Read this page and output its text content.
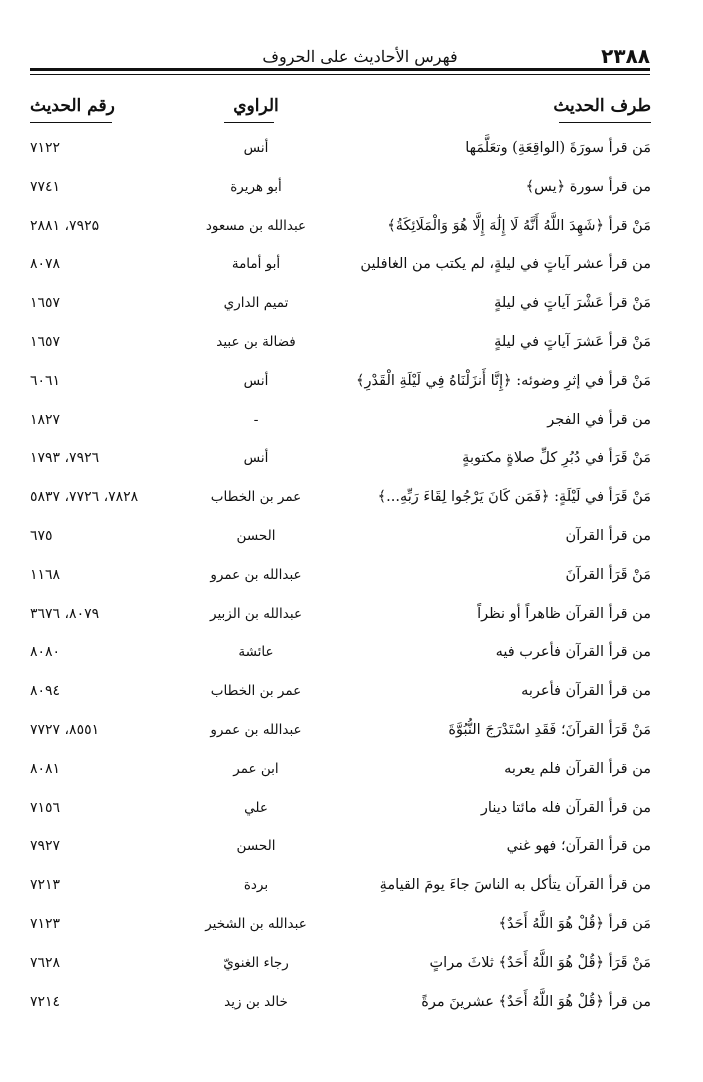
۲۳۸۸
فهرس الأحاديث على الحروف
طرف الحديث
الراوي
رقم الحديث
مَن قرأ سورَةَ (الواقِعَةِ) وتعَلَّمَها
أنس
۷۱۲۲
من قرأ سورة ﴿يس﴾
أبو هريرة
۷۷٤۱
مَنْ قرأ ﴿شَهِدَ اللَّهُ أَنَّهُ لَا إِلَٰهَ إِلَّا هُوَ وَالْمَلَائِكَةُ﴾
عبدالله بن مسعود
۷۹۲۵، ۲۸۸۱
من قرأ عشر آياتٍ في ليلةٍ، لم يكتب من الغافلين
أبو أمامة
۸۰۷۸
مَنْ قرأ عَشْرَ آياتٍ في ليلةٍ
تميم الداري
۱٦٥۷
مَنْ قرأ عَشرَ آياتٍ في ليلةٍ
فضالة بن عبيد
۱٦٥۷
مَنْ قرأ في إثرِ وضوئه: ﴿إِنَّا أَنزَلْنَاهُ فِي لَيْلَةِ الْقَدْرِ﴾
أنس
٦۰٦۱
من قرأ في الفجر
-
۱۸۲۷
مَنْ قَرَأ في دُبُرِ كلِّ صلاةٍ مكتوبةٍ
أنس
۷۹۲٦، ۱۷۹۳
مَنْ قَرَأ في لَيْلَةٍ: ﴿فَمَن كَانَ يَرْجُوا لِقَاءَ رَبِّهِ...﴾
عمر بن الخطاب
۷۸۲۸، ۷۷۲٦، ٥۸۳۷
من قرأ القرآن
الحسن
٦۷٥
مَنْ قَرَأ القرآنَ
عبدالله بن عمرو
۱۱٦۸
من قرأ القرآن ظاهراً أو نظراً
عبدالله بن الزبير
۸۰۷۹، ۳٦۷٦
من قرأ القرآن فأعرب فيه
عائشة
۸۰۸۰
من قرأ القرآن فأعربه
عمر بن الخطاب
۸۰۹٤
مَنْ قَرَأ القرآنَ؛ فَقَدِ اسْتَدْرَجَ النُّبُوَّةَ
عبدالله بن عمرو
۸٥٥۱، ۷۷۲۷
من قرأ القرآن فلم يعربه
ابن عمر
۸۰۸۱
من قرأ القرآن فله مائتا دينار
علي
۷۱٥٦
من قرأ القرآن؛ فهو غني
الحسن
۷۹۲۷
من قرأ القرآن يتأكل به الناسَ جاءَ يومَ القيامةِ
بردة
۷۲۱۳
مَن قرأ ﴿قُلْ هُوَ اللَّهُ أَحَدٌ﴾
عبدالله بن الشخير
۷۱۲۳
مَنْ قَرَأ ﴿قُلْ هُوَ اللَّهُ أَحَدٌ﴾ ثلاثَ مراتٍ
رجاء الغنويّ
۷٦۲۸
من قرأ ﴿قُلْ هُوَ اللَّهُ أَحَدٌ﴾ عشرينَ مرةً
خالد بن زيد
۷۲۱٤
